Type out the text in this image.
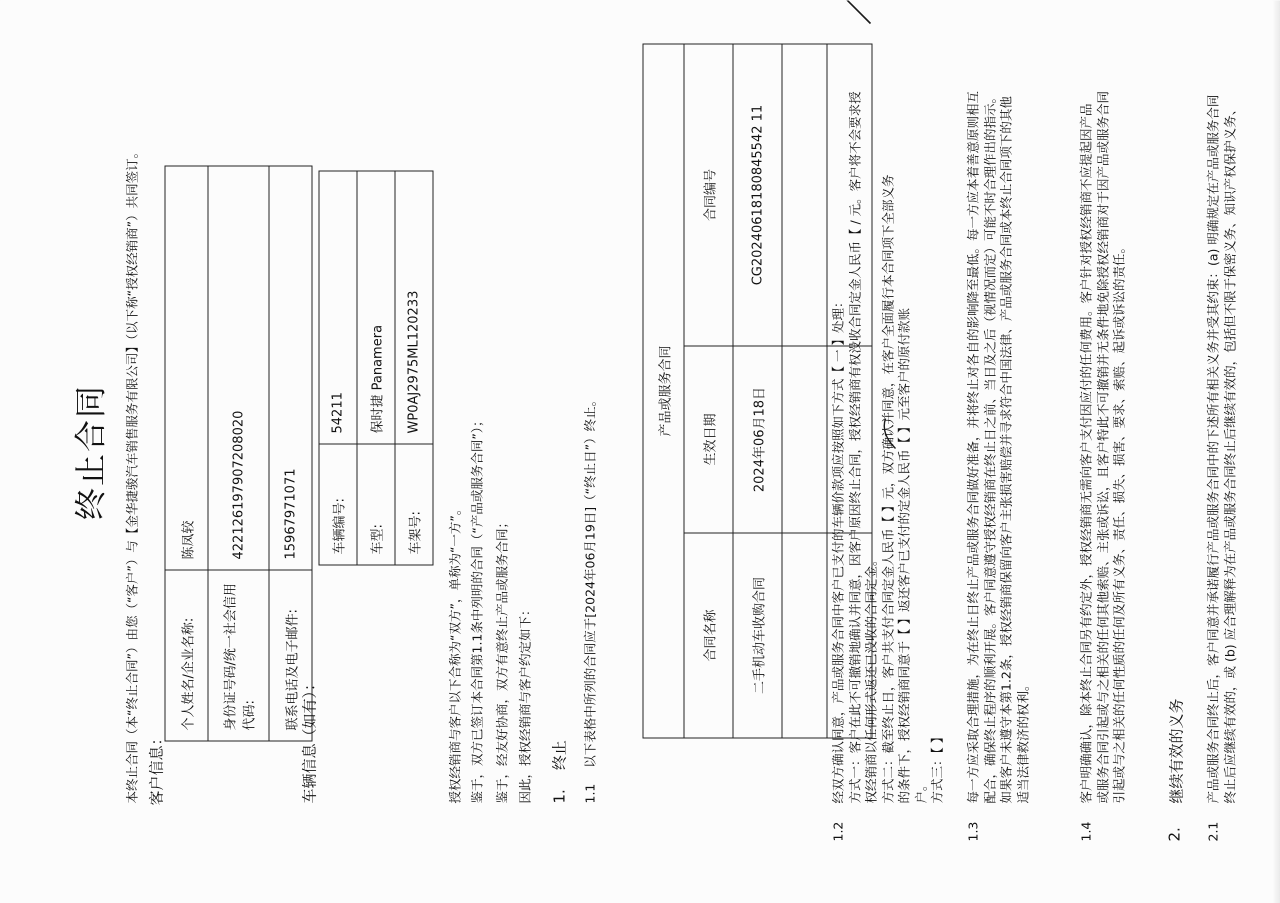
终止合同 本终止合同（本“终止合同”）由您（“客户”）与【金华捷骏汽车销售服务有限公司】（以下称“授权经销商”）共同签订。 客户信息：
个人姓名/企业名称:	陈凤较
身份证号码/统一社会信用代码:	422126197907208020
联系电话及电子邮件:	15967971071
车辆信息（如有）：
车辆编号:	54211
车型:	保时捷 Panamera
车架号:	WP0AJ2975ML120233
授权经销商与客户以下合称为“双方”，单称为“一方”。 鉴于，双方已签订本合同第1.1条中列明的合同（“产品或服务合同”）； 鉴于，经友好协商，双方有意终止产品或服务合同； 因此，授权经销商与客户约定如下： 1.    终止
1.1    以下表格中所列的合同应于[2024年06月19日]（“终止日”）终止。
产品或服务合同		
合同名称	生效日期	合同编号
二手机动车收购合同	2024年06月18日	CG20240618180845542 11

1.2

经双方确认同意，产品或服务合同中客户已支付的车辆价款项应按照如下方式【 一 】处理： 方式一：客户在此不可撤销地确认并同意，因客户原因终止合同，授权经销商有权没收合同定金人民币【 / 元。客户将不会要求授 权经销商以任何形式返还已没收的合同定金。 方式二：截至终止日，客户共支付合同定金人民币【 】元，双方确认并同意，在客户全面履行本合同项下全部义务 的条件下，授权经销商同意于【 】返还客户已支付的定金人民币【 】元至客户的原付款账 户。 方式三：【 】

1.3

每一方应采取合理措施，为在终止日终止产品或服务合同做好准备，并将终止对各自的影响降至最低。每一方应本着善意原则相互 配合，确保终止程序的顺利开展。客户同意遵守授权经销商在终止日之前、当日及之后（视情况而定）可能不时合理作出的指示。 如果客户未遵守本第1.2条，授权经销商保留向客户主张损害赔偿并寻求符合中国法律、产品或服务合同或本终止合同项下的其他 适当法律救济的权利。

1.4

客户明确确认，除本终止合同另有约定外，授权经销商无需向客户支付因应付的任何费用。客户针对授权经销商不应提起因产品 或服务合同引起或与之相关的任何其他索赔、主张或诉讼，且客户特此不可撤销并无条件地免除授权经销商对于因产品或服务合同 引起或与之相关的任何性质的任何及所有义务、责任、损失、损害、要求、索赔、起诉或诉讼的责任。

2.
继续有效的义务
2.1

产品或服务合同终止后，客户同意并承诺履行产品或服务合同中的下述所有相关义务并受其约束：(a) 明确规定在产品或服务合同 终止后应继续有效的，或 (b) 应合理解释为在产品或服务合同终止后继续有效的，包括但不限于保密义务、知识产权保护义务、
